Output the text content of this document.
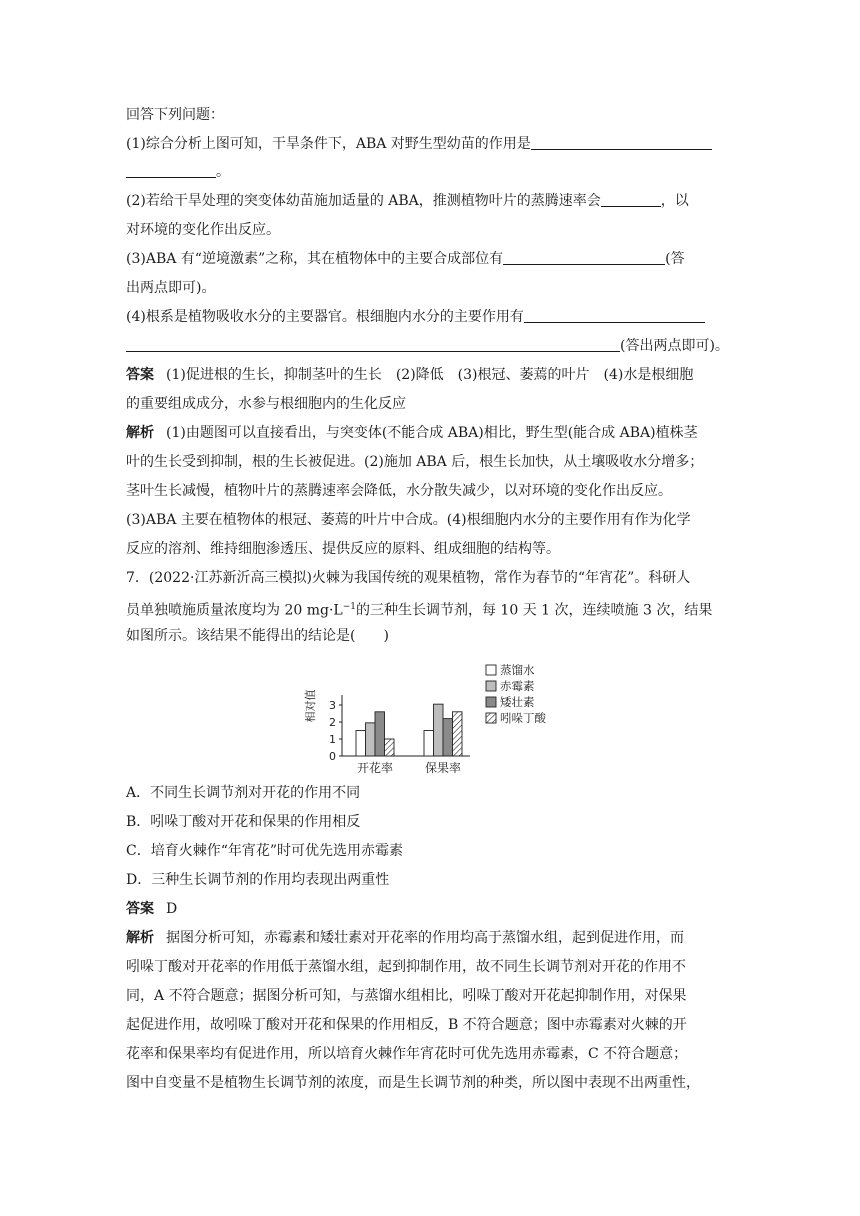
回答下列问题：
(1)综合分析上图可知，干旱条件下，ABA 对野生型幼苗的作用是
。
(2)若给干旱处理的突变体幼苗施加适量的 ABA，推测植物叶片的蒸腾速率会	，以
对环境的变化作出反应。
(3)ABA 有“逆境激素”之称，其在植物体中的主要合成部位有	(答
出两点即可)。
(4)根系是植物吸收水分的主要器官。根细胞内水分的主要作用有
(答出两点即可)。
答案 (1)促进根的生长，抑制茎叶的生长　(2)降低　(3)根冠、萎蔫的叶片　(4)水是根细胞
的重要组成成分，水参与根细胞内的生化反应
解析 (1)由题图可以直接看出，与突变体(不能合成 ABA)相比，野生型(能合成 ABA)植株茎
叶的生长受到抑制，根的生长被促进。(2)施加 ABA 后，根生长加快，从土壤吸收水分增多；
茎叶生长减慢，植物叶片的蒸腾速率会降低，水分散失减少，以对环境的变化作出反应。
(3)ABA 主要在植物体的根冠、萎蔫的叶片中合成。(4)根细胞内水分的主要作用有作为化学
反应的溶剂、维持细胞渗透压、提供反应的原料、组成细胞的结构等。
7．(2022·江苏新沂高三模拟)火棘为我国传统的观果植物，常作为春节的“年宵花”。科研人
员单独喷施质量浓度均为 20 $mg\cdot L^{-1}$的三种生长调节剂，每 10 天 1 次，连续喷施 3 次，结果
如图所示。该结果不能得出的结论是(　　)
0
1
2
3
相对值
开花率	保果率
蒸馏水
赤霉素
矮壮素
吲哚丁酸
A．不同生长调节剂对开花的作用不同
B．吲哚丁酸对开花和保果的作用相反
C．培育火棘作“年宵花”时可优先选用赤霉素
D．三种生长调节剂的作用均表现出两重性
答案 D
解析 据图分析可知，赤霉素和矮壮素对开花率的作用均高于蒸馏水组，起到促进作用，而
吲哚丁酸对开花率的作用低于蒸馏水组，起到抑制作用，故不同生长调节剂对开花的作用不
同，A 不符合题意；据图分析可知，与蒸馏水组相比，吲哚丁酸对开花起抑制作用，对保果
起促进作用，故吲哚丁酸对开花和保果的作用相反，B 不符合题意；图中赤霉素对火棘的开
花率和保果率均有促进作用，所以培育火棘作年宵花时可优先选用赤霉素，C 不符合题意；
图中自变量不是植物生长调节剂的浓度，而是生长调节剂的种类，所以图中表现不出两重性，
